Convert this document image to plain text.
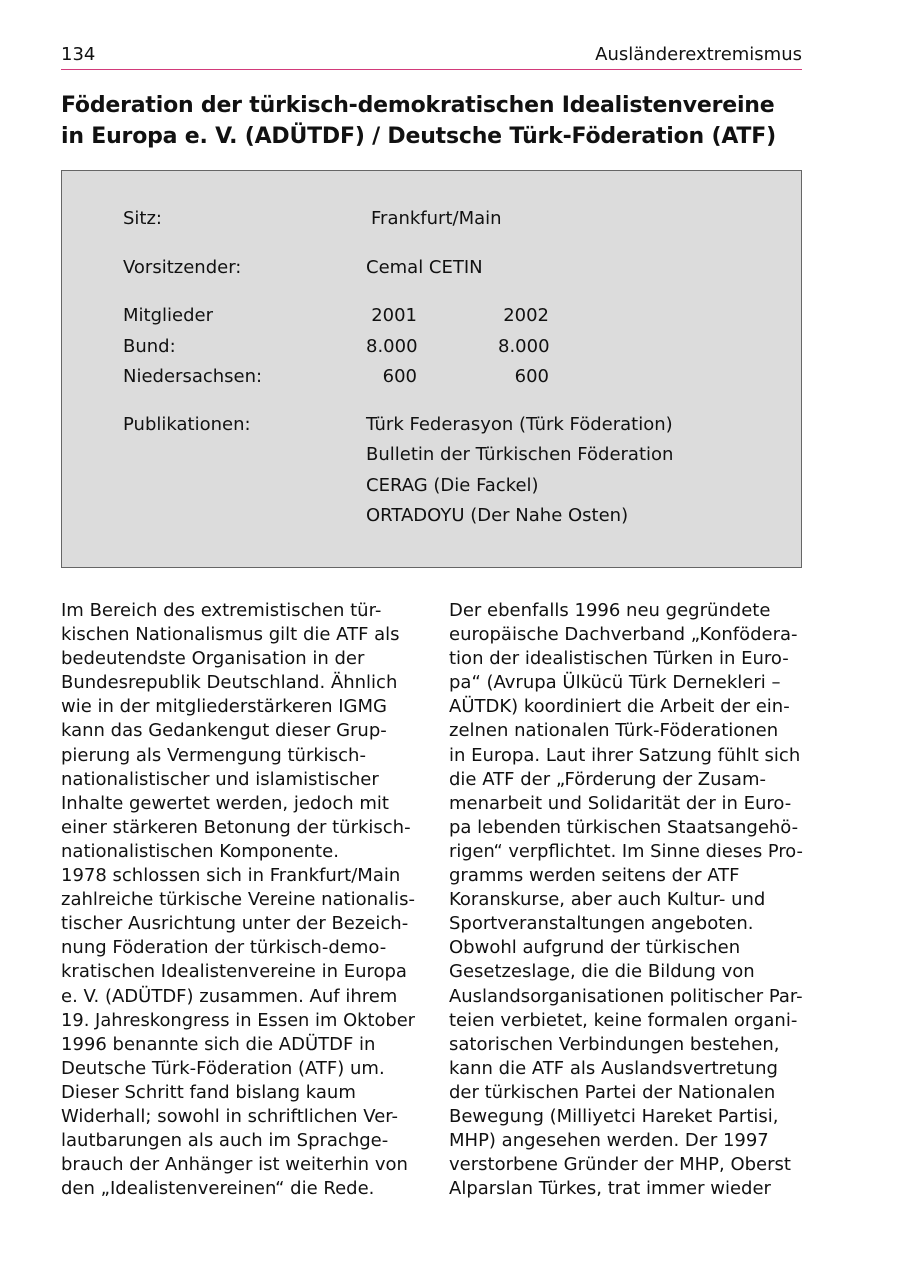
134	Ausländerextremismus
Föderation der türkisch-demokratischen Idealistenvereine
in Europa e. V. (ADÜTDF) / Deutsche Türk-Föderation (ATF)
Sitz:	Frankfurt/Main
Vorsitzender:	Cemal CETIN
Mitglieder	2001	2002
Bund:	8.000	8.000
Niedersachsen:	600	600
Publikationen:	Türk Federasyon (Türk Föderation)
Bulletin der Türkischen Föderation
CERAG (Die Fackel)
ORTADOYU (Der Nahe Osten)

Im Bereich des extremistischen tür-

kischen Nationalismus gilt die ATF als

bedeutendste Organisation in der

Bundesrepublik Deutschland. Ähnlich

wie in der mitgliederstärkeren IGMG

kann das Gedankengut dieser Grup-

pierung als Vermengung türkisch-

nationalistischer und islamistischer

Inhalte gewertet werden, jedoch mit

einer stärkeren Betonung der türkisch-

nationalistischen Komponente.

1978 schlossen sich in Frankfurt/Main

zahlreiche türkische Vereine nationalis-

tischer Ausrichtung unter der Bezeich-

nung Föderation der türkisch-demo-

kratischen Idealistenvereine in Europa

e. V. (ADÜTDF) zusammen. Auf ihrem

19. Jahreskongress in Essen im Oktober

1996 benannte sich die ADÜTDF in

Deutsche Türk-Föderation (ATF) um.

Dieser Schritt fand bislang kaum

Widerhall; sowohl in schriftlichen Ver-

lautbarungen als auch im Sprachge-

brauch der Anhänger ist weiterhin von

den „Idealistenvereinen“ die Rede.

Der ebenfalls 1996 neu gegründete

europäische Dachverband „Konfödera-

tion der idealistischen Türken in Euro-

pa“ (Avrupa Ülkücü Türk Dernekleri –

AÜTDK) koordiniert die Arbeit der ein-

zelnen nationalen Türk-Föderationen

in Europa. Laut ihrer Satzung fühlt sich

die ATF der „Förderung der Zusam-

menarbeit und Solidarität der in Euro-

pa lebenden türkischen Staatsangehö-

rigen“ verpflichtet. Im Sinne dieses Pro-

gramms werden seitens der ATF

Koranskurse, aber auch Kultur- und

Sportveranstaltungen angeboten.

Obwohl aufgrund der türkischen

Gesetzeslage, die die Bildung von

Auslandsorganisationen politischer Par-

teien verbietet, keine formalen organi-

satorischen Verbindungen bestehen,

kann die ATF als Auslandsvertretung

der türkischen Partei der Nationalen

Bewegung (Milliyetci Hareket Partisi,

MHP) angesehen werden. Der 1997

verstorbene Gründer der MHP, Oberst

Alparslan Türkes, trat immer wieder
